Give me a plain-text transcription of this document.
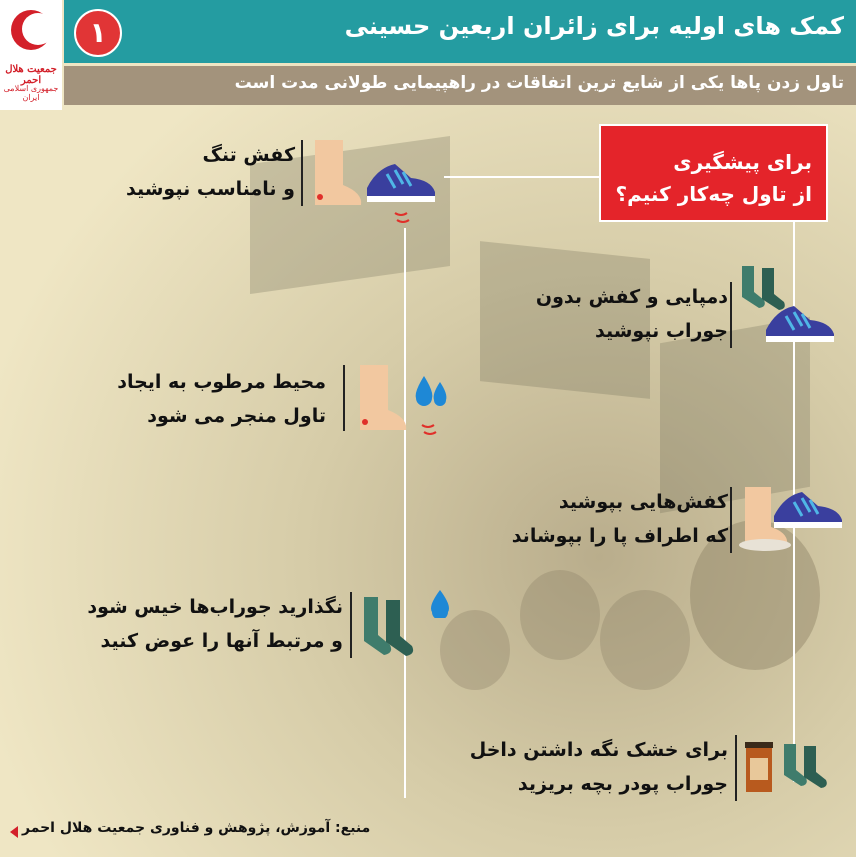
جمعیت هلال احمر
جمهوری اسلامی ایران
۱	کمک های اولیه برای زائران اربعین حسینی
تاول زدن پاها یکی از شایع ترین اتفاقات در راهپیمایی طولانی مدت است
برای پیشگیری
از تاول چه‌کار کنیم؟
کفش تنگ
و نامناسب نپوشید
محیط مرطوب به ایجاد
تاول منجر می شود
نگذارید جوراب‌ها خیس شود
و مرتبط آنها را عوض کنید
دمپایی و کفش بدون
جوراب نپوشید
کفش‌هایی بپوشید
که اطراف پا را بپوشاند
برای خشک نگه داشتن داخل
جوراب پودر بچه بریزید
منبع: آموزش، پژوهش و فناوری جمعیت هلال احمر
